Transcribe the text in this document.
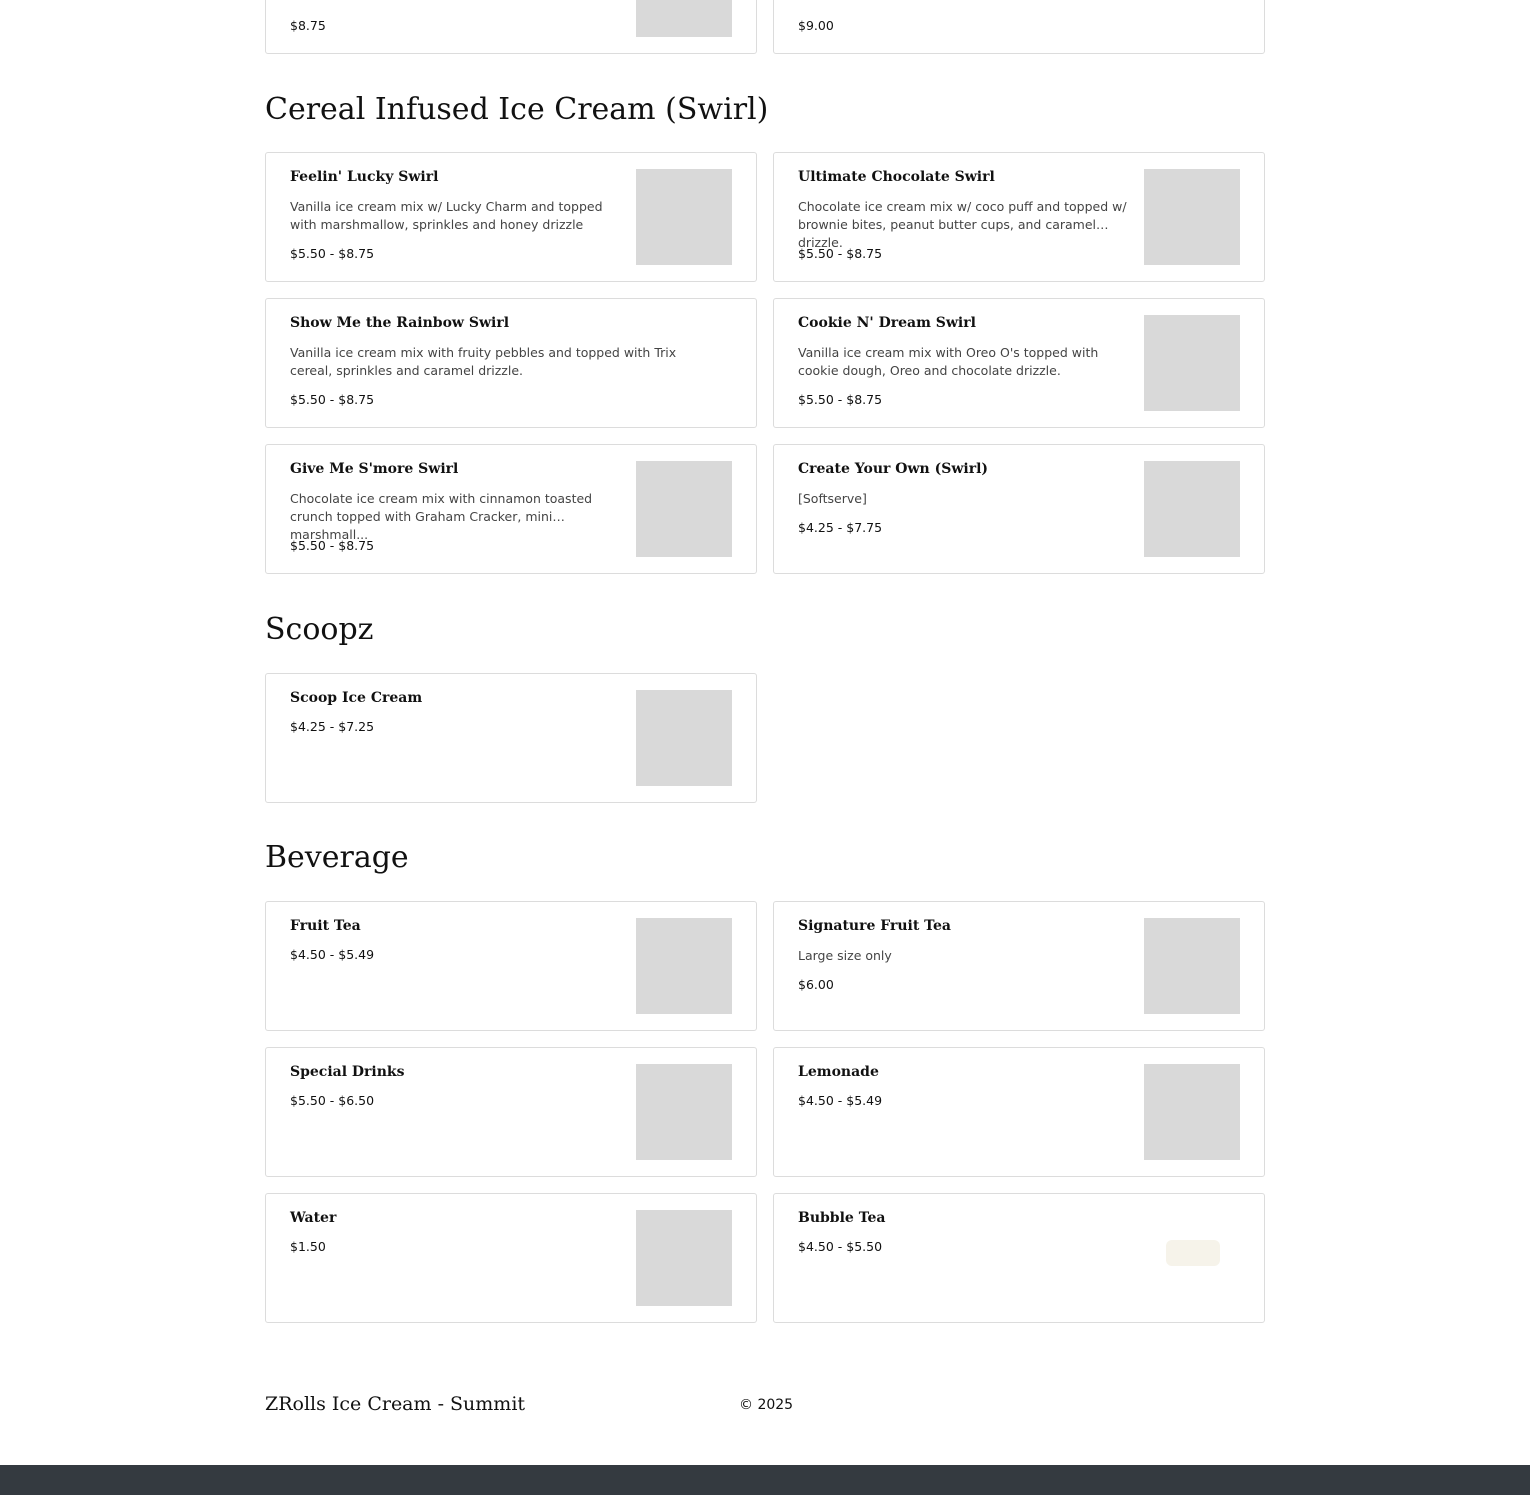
$8.75	$9.00
Cereal Infused Ice Cream (Swirl)
Feelin' Lucky Swirl
Vanilla ice cream mix w/ Lucky Charm and topped with marshmallow, sprinkles and honey drizzle
$5.50 - $8.75
Ultimate Chocolate Swirl
Chocolate ice cream mix w/ coco puff and topped w/ brownie bites, peanut butter cups, and caramel drizzle.
$5.50 - $8.75
Show Me the Rainbow Swirl
Vanilla ice cream mix with fruity pebbles and topped with Trix cereal, sprinkles and caramel drizzle.
$5.50 - $8.75
Cookie N' Dream Swirl
Vanilla ice cream mix with Oreo O's topped with cookie dough, Oreo and chocolate drizzle.
$5.50 - $8.75
Give Me S'more Swirl
Chocolate ice cream mix with cinnamon toasted crunch topped with Graham Cracker, mini marshmall...
$5.50 - $8.75
Create Your Own (Swirl)
[Softserve]
$4.25 - $7.75
Scoopz
Scoop Ice Cream
$4.25 - $7.25
Beverage
Fruit Tea
$4.50 - $5.49
Signature Fruit Tea
Large size only
$6.00
Special Drinks
$5.50 - $6.50
Lemonade
$4.50 - $5.49
Water
$1.50
Bubble Tea
$4.50 - $5.50
ZRolls Ice Cream - Summit	© 2025
